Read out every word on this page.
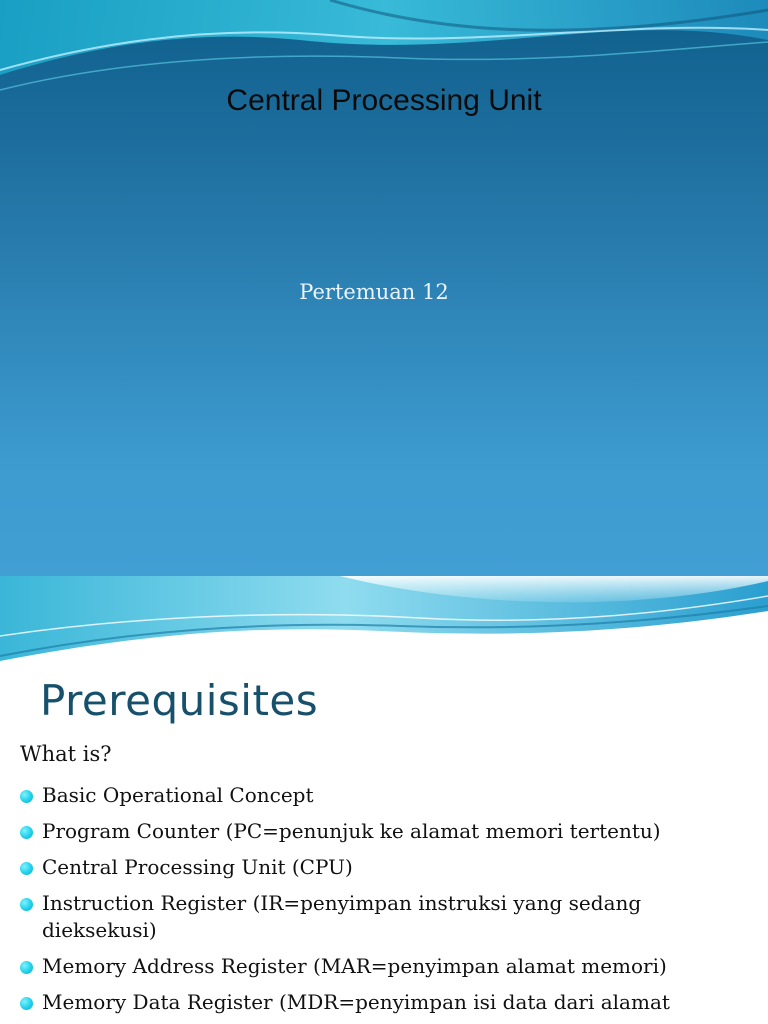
Central Processing Unit

Pertemuan 12

Prerequisites

What is?

Basic Operational Concept
Program Counter (PC=penunjuk ke alamat memori tertentu)
Central Processing Unit (CPU)
Instruction Register (IR=penyimpan instruksi yang sedang dieksekusi)
Memory Address Register (MAR=penyimpan alamat memori)
Memory Data Register (MDR=penyimpan isi data dari alamat
